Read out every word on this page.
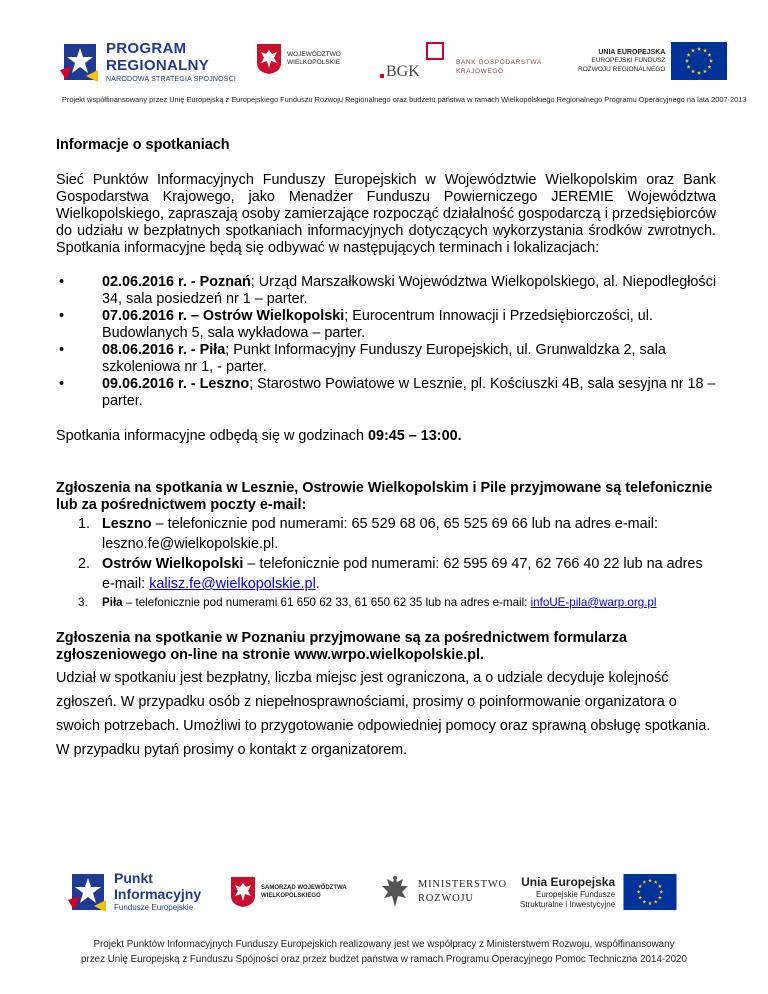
PROGRAM
REGIONALNY
NARODOWA STRATEGIA SPÓJNOŚCI
WOJEWÓDZTWO
WIELKOPOLSKIE
BGK
BANK GOSPODARSTWA
KRAJOWEGO
UNIA EUROPEJSKA
EUROPEJSKI FUNDUSZ
ROZWOJU REGIONALNEGO
Projekt współfinansowany przez Unię Europejską z Europejskiego Funduszu Rozwoju Regionalnego oraz budżetu państwa w ramach Wielkopolskiego Regionalnego Programu Operacyjnego na lata 2007-2013

Informacje o spotkaniach

Sieć Punktów Informacyjnych Funduszy Europejskich w Województwie Wielkopolskim oraz Bank Gospodarstwa Krajowego, jako Menadżer Funduszu Powierniczego JEREMIE Województwa Wielkopolskiego, zapraszają osoby zamierzające rozpocząć działalność gospodarczą i przedsiębiorców do udziału w bezpłatnych spotkaniach informacyjnych dotyczących wykorzystania środków zwrotnych. Spotkania informacyjne będą się odbywać w następujących terminach i lokalizacjach:

• 02.06.2016 r. - Poznań; Urząd Marszałkowski Województwa Wielkopolskiego, al. Niepodległości 34, sala posiedzeń nr 1 – parter.
• 07.06.2016 r. – Ostrów Wielkopolski; Eurocentrum Innowacji i Przedsiębiorczości, ul. Budowlanych 5, sala wykładowa – parter.
• 08.06.2016 r. - Piła; Punkt Informacyjny Funduszy Europejskich, ul. Grunwaldzka 2, sala szkoleniowa nr 1, - parter.
• 09.06.2016 r. - Leszno; Starostwo Powiatowe w Lesznie, pl. Kościuszki 4B, sala sesyjna nr 18 – parter.

Spotkania informacyjne odbędą się w godzinach 09:45 – 13:00.

Zgłoszenia na spotkania w Lesznie, Ostrowie Wielkopolskim i Pile przyjmowane są telefonicznie lub za pośrednictwem poczty e-mail:

1. Leszno – telefonicznie pod numerami: 65 529 68 06, 65 525 69 66 lub na adres e-mail: leszno.fe@wielkopolskie.pl.
2. Ostrów Wielkopolski – telefonicznie pod numerami: 62 595 69 47, 62 766 40 22 lub na adres e-mail: kalisz.fe@wielkopolskie.pl.
3. Piła – telefonicznie pod numerami 61 650 62 33, 61 650 62 35 lub na adres e-mail: infoUE-pila@warp.org.pl

Zgłoszenia na spotkanie w Poznaniu przyjmowane są za pośrednictwem formularza zgłoszeniowego on-line na stronie www.wrpo.wielkopolskie.pl.

Udział w spotkaniu jest bezpłatny, liczba miejsc jest ograniczona, a o udziale decyduje kolejność zgłoszeń. W przypadku osób z niepełnosprawnościami, prosimy o poinformowanie organizatora o swoich potrzebach. Umożliwi to przygotowanie odpowiedniej pomocy oraz sprawną obsługę spotkania. W przypadku pytań prosimy o kontakt z organizatorem.

Punkt
Informacyjny
Fundusze Europejskie
SAMORZĄD WOJEWÓDZTWA
WIELKOPOLSKIEGO
MINISTERSTWO
ROZWOJU
Unia Europejska
Europejskie Fundusze
Strukturalne i Inwestycyjne
Projekt Punktów Informacyjnych Funduszy Europejskich realizowany jest we współpracy z Ministerstwem Rozwoju, współfinansowany
przez Unię Europejską z Funduszu Spójności oraz przez budżet państwa w ramach Programu Operacyjnego Pomoc Techniczna 2014-2020
